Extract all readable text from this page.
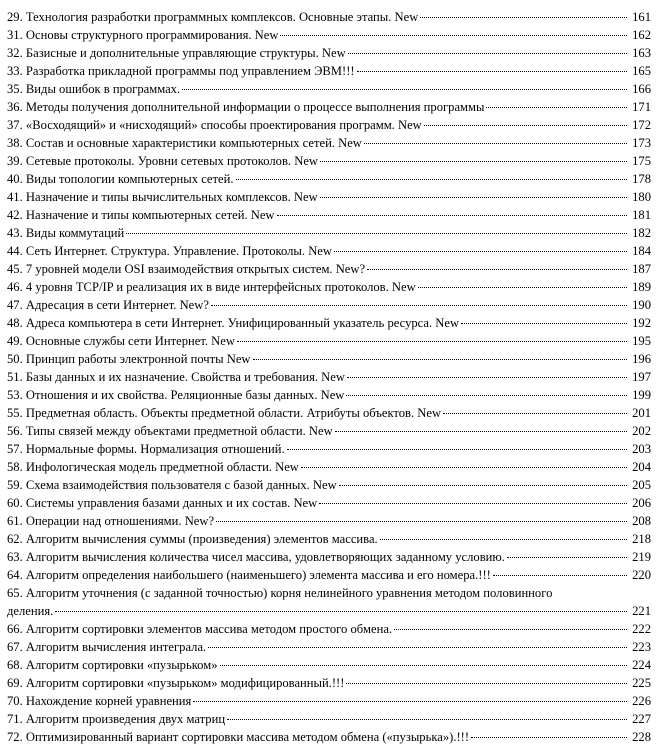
29. Технология разработки программных комплексов. Основные этапы. New	161
31. Основы структурного программирования. New	162
32. Базисные и дополнительные управляющие структуры. New	163
33. Разработка прикладной программы под управлением ЭВМ!!!	165
35. Виды ошибок в программах.	166
36. Методы получения дополнительной информации о процессе выполнения программы	171
37. «Восходящий» и «нисходящий» способы проектирования программ. New	172
38. Состав и основные характеристики компьютерных сетей. New	173
39. Сетевые протоколы. Уровни сетевых протоколов. New	175
40. Виды топологии компьютерных сетей.	178
41. Назначение и типы вычислительных комплексов. New	180
42. Назначение и типы компьютерных сетей. New	181
43. Виды коммутаций	182
44. Сеть Интернет. Структура. Управление. Протоколы. New	184
45. 7 уровней модели OSI взаимодействия открытых систем. New?	187
46. 4 уровня TCP/IP и реализация их в виде интерфейсных протоколов. New	189
47. Адресация в сети Интернет. New?	190
48. Адреса компьютера в сети Интернет. Унифицированный указатель ресурса. New	192
49. Основные службы сети Интернет. New	195
50. Принцип работы электронной почты New	196
51. Базы данных и их назначение. Свойства и требования. New	197
53. Отношения и их свойства. Реляционные базы данных. New	199
55. Предметная область. Объекты предметной области. Атрибуты объектов. New	201
56. Типы связей между объектами предметной области. New	202
57. Нормальные формы. Нормализация отношений.	203
58. Инфологическая модель предметной области. New	204
59. Схема взаимодействия пользователя с базой данных. New	205
60. Системы управления базами данных и их состав. New	206
61. Операции над отношениями. New?	208
62. Алгоритм вычисления суммы (произведения) элементов массива.	218
63. Алгоритм вычисления количества чисел массива, удовлетворяющих заданному условию.	219
64. Алгоритм определения наибольшего (наименьшего) элемента массива и его номера.!!!	220
65. Алгоритм уточнения (с заданной точностью) корня нелинейного уравнения методом половинного
деления.	221
66. Алгоритм сортировки элементов массива методом простого обмена.	222
67. Алгоритм вычисления интеграла.	223
68. Алгоритм сортировки «пузырьком»	224
69. Алгоритм сортировки «пузырьком» модифицированный.!!!	225
70. Нахождение корней уравнения	226
71. Алгоритм произведения двух матриц	227
72. Оптимизированный вариант сортировки массива методом обмена («пузырька»).!!!	228
